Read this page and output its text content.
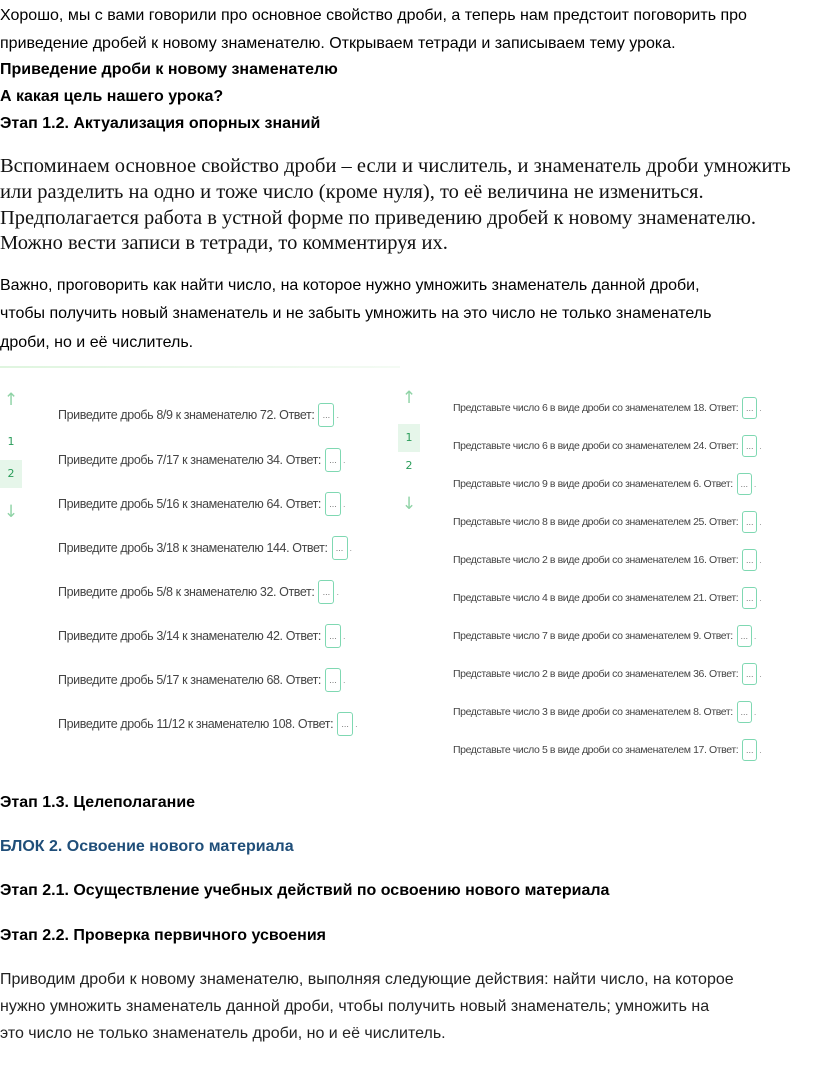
Хорошо, мы с вами говорили про основное свойство дроби, а теперь нам предстоит поговорить про

приведение дробей к новому знаменателю. Открываем тетради и записываем тему урока.

Приведение дроби к новому знаменателю

А какая цель нашего урока?

Этап 1.2. Актуализация опорных знаний

Вспоминаем основное свойство дроби – если и числитель, и знаменатель дроби умножить

или разделить на одно и тоже число (кроме нуля), то её величина не измениться.

Предполагается работа в устной форме по приведению дробей к новому знаменателю.

Можно вести записи в тетради, то комментируя их.

Важно, проговорить как найти число, на которое нужно умножить знаменатель данной дроби,

чтобы получить новый знаменатель и не забыть умножить на это число не только знаменатель

дроби, но и её числитель.

↑
1
2
↓
Приведите дробь 8/9 к знаменателю 72. Ответ: ... .
Приведите дробь 7/17 к знаменателю 34. Ответ: ... .
Приведите дробь 5/16 к знаменателю 64. Ответ: ... .
Приведите дробь 3/18 к знаменателю 144. Ответ: ... .
Приведите дробь 5/8 к знаменателю 32. Ответ: ... .
Приведите дробь 3/14 к знаменателю 42. Ответ: ... .
Приведите дробь 5/17 к знаменателю 68. Ответ: ... .
Приведите дробь 11/12 к знаменателю 108. Ответ: ... .
↑
1
2
↓
Представьте число 6 в виде дроби со знаменателем 18. Ответ: ... .
Представьте число 6 в виде дроби со знаменателем 24. Ответ: ... .
Представьте число 9 в виде дроби со знаменателем 6. Ответ: ... .
Представьте число 8 в виде дроби со знаменателем 25. Ответ: ... .
Представьте число 2 в виде дроби со знаменателем 16. Ответ: ... .
Представьте число 4 в виде дроби со знаменателем 21. Ответ: ... .
Представьте число 7 в виде дроби со знаменателем 9. Ответ: ... .
Представьте число 2 в виде дроби со знаменателем 36. Ответ: ... .
Представьте число 3 в виде дроби со знаменателем 8. Ответ: ... .
Представьте число 5 в виде дроби со знаменателем 17. Ответ: ... .

Этап 1.3. Целеполагание

БЛОК 2. Освоение нового материала

Этап 2.1. Осуществление учебных действий по освоению нового материала

Этап 2.2. Проверка первичного усвоения

Приводим дроби к новому знаменателю, выполняя следующие действия: найти число, на которое

нужно умножить знаменатель данной дроби, чтобы получить новый знаменатель; умножить на

это число не только знаменатель дроби, но и её числитель.
